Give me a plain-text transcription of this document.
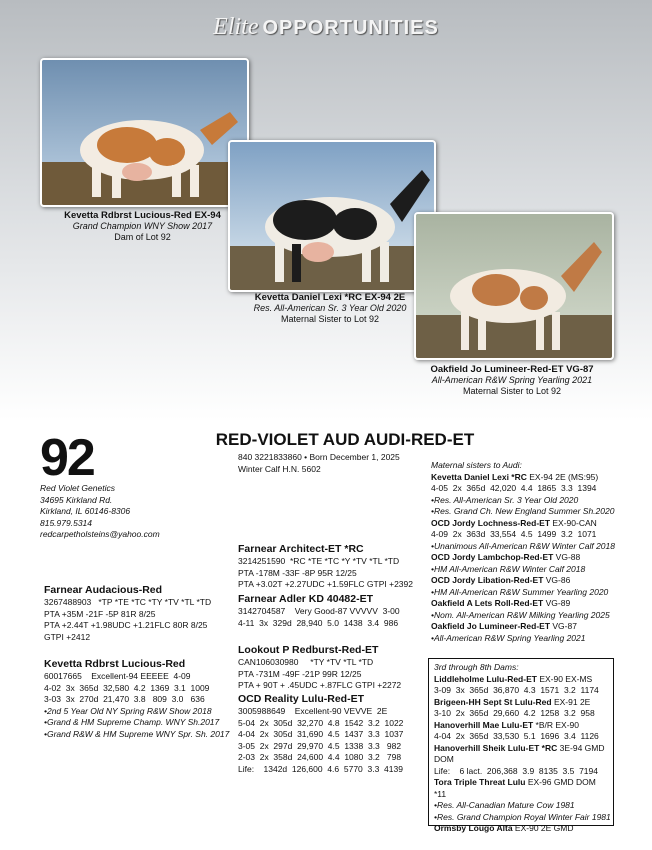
Elite OPPORTUNITIES
Kevetta Rdbrst Lucious-Red EX-94
Grand Champion WNY Show 2017
Dam of Lot 92
Kevetta Daniel Lexi *RC EX-94 2E
Res. All-American Sr. 3 Year Old 2020
Maternal Sister to Lot 92
Oakfield Jo Lumineer-Red-ET VG-87
All-American R&W Spring Yearling 2021
Maternal Sister to Lot 92
92	RED-VIOLET AUD AUDI-RED-ET
840 3221833860 • Born December 1, 2025
Winter Calf H.N. 5602
Red Violet Genetics
34695 Kirkland Rd.
Kirkland, IL 60146-8306
815.979.5314
redcarpetholsteins@yahoo.com
Farnear Audacious-Red
3267488903   *TP *TE *TC *TY *TV *TL *TD
PTA +35M -21F -5P 81R 8/25
PTA +2.44T +1.98UDC +1.21FLC 80R 8/25
GTPI +2412
Kevetta Rdbrst Lucious-Red
60017665    Excellent-94 EEEEE  4-09
4-02  3x  365d  32,580  4.2  1369  3.1  1009
3-03  3x  270d  21,470  3.8   809  3.0   636
•2nd 5 Year Old NY Spring R&W Show 2018
•Grand & HM Supreme Champ. WNY Sh.2017
•Grand R&W & HM Supreme WNY Spr. Sh. 2017
Farnear Architect-ET *RC
3214251590  *RC *TE *TC *Y *TV *TL *TD
PTA -178M -33F -8P 95R 12/25
PTA +3.02T +2.27UDC +1.59FLC GTPI +2392
Farnear Adler KD 40482-ET
3142704587    Very Good-87 VVVVV  3-00
4-11  3x  329d  28,940  5.0  1438  3.4  986
Lookout P Redburst-Red-ET
CAN106030980     *TY *TV *TL *TD
PTA -731M -49F -21P 99R 12/25
PTA + 90T + .45UDC +.87FLC GTPI +2272
OCD Reality Lulu-Red-ET
3005988649    Excellent-90 VEVVE  2E
5-04  2x  305d  32,270  4.8  1542  3.2  1022
4-04  2x  305d  31,690  4.5  1437  3.3  1037
3-05  2x  297d  29,970  4.5  1338  3.3   982
2-03  2x  358d  24,600  4.4  1080  3.2   798
Life:    1342d  126,600  4.6  5770  3.3  4139
Maternal sisters to Audi:
Kevetta Daniel Lexi *RC EX-94 2E (MS:95)
4-05  2x  365d  42,020  4.4  1865  3.3  1394
•Res. All-American Sr. 3 Year Old 2020
•Res. Grand Ch. New England Summer Sh.2020
OCD Jordy Lochness-Red-ET EX-90-CAN
4-09  2x  363d  33,554  4.5  1499  3.2  1071
•Unanimous All-American R&W Winter Calf 2018
OCD Jordy Lambchop-Red-ET VG-88
•HM All-American R&W Winter Calf 2018
OCD Jordy Libation-Red-ET VG-86
•HM All-American R&W Summer Yearling 2020
Oakfield A Lets Roll-Red-ET VG-89
•Nom. All-American R&W Milking Yearling 2025
Oakfield Jo Lumineer-Red-ET VG-87
•All-American R&W Spring Yearling 2021
3rd through 8th Dams:
Liddleholme Lulu-Red-ET EX-90 EX-MS
3-09  3x  365d  36,870  4.3  1571  3.2  1174
Brigeen-HH Sept St Lulu-Red EX-91 2E
3-10  2x  365d  29,660  4.2  1258  3.2  958
Hanoverhill Mae Lulu-ET *B/R EX-90
4-04  2x  365d  33,530  5.1  1696  3.4  1126
Hanoverhill Sheik Lulu-ET *RC 3E-94 GMD DOM
Life:    6 lact.  206,368  3.9  8135  3.5  7194
Tora Triple Threat Lulu EX-96 GMD DOM *11
•Res. All-Canadian Mature Cow 1981
•Res. Grand Champion Royal Winter Fair 1981
Ormsby Lougo Alta EX-90 2E GMD
